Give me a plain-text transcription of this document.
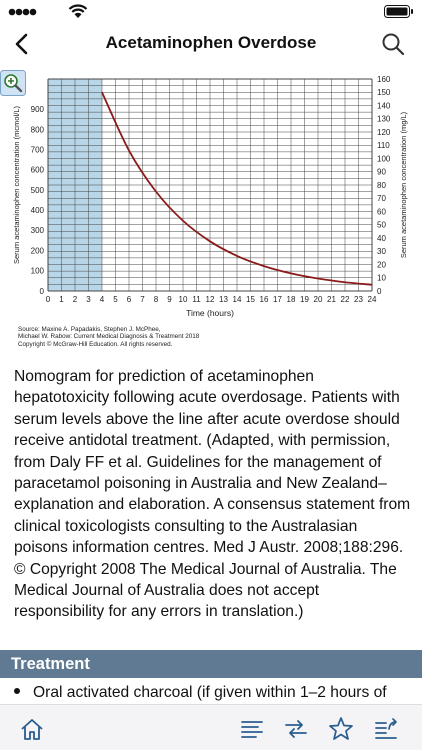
Acetaminophen Overdose
0 1 2 3 4 5 6 7 8 9 10 11 12 13 14 15 16 17 18 19 20 21 22 23 24
0
10
20
30
40
50
60
70
80
90
100
110
120
130
140
150
160
0
100
200
300
400
500
600
700
800
900
Serum acetaminophen concentration (mcmol/L)	Serum acetaminophen concentration (mg/L)
Time (hours)
Source: Maxine A. Papadakis, Stephen J. McPhee,
Michael W. Rabow: Current Medical Diagnosis & Treatment 2018
Copyright © McGraw-Hill Education. All rights reserved.
Nomogram for prediction of acetaminophen hepatotoxicity following acute overdosage. Patients with serum levels above the line after acute overdose should receive antidotal treatment. (Adapted, with permission, from Daly FF et al. Guidelines for the management of paracetamol poisoning in Australia and New Zealand–explanation and elaboration. A consensus statement from clinical toxicologists consulting to the Australasian poisons information centres. Med J Austr. 2008;188:296. © Copyright 2008 The Medical Journal of Australia. The Medical Journal of Australia does not accept responsibility for any errors in translation.)
Treatment
Oral activated charcoal (if given within 1–2 hours of
